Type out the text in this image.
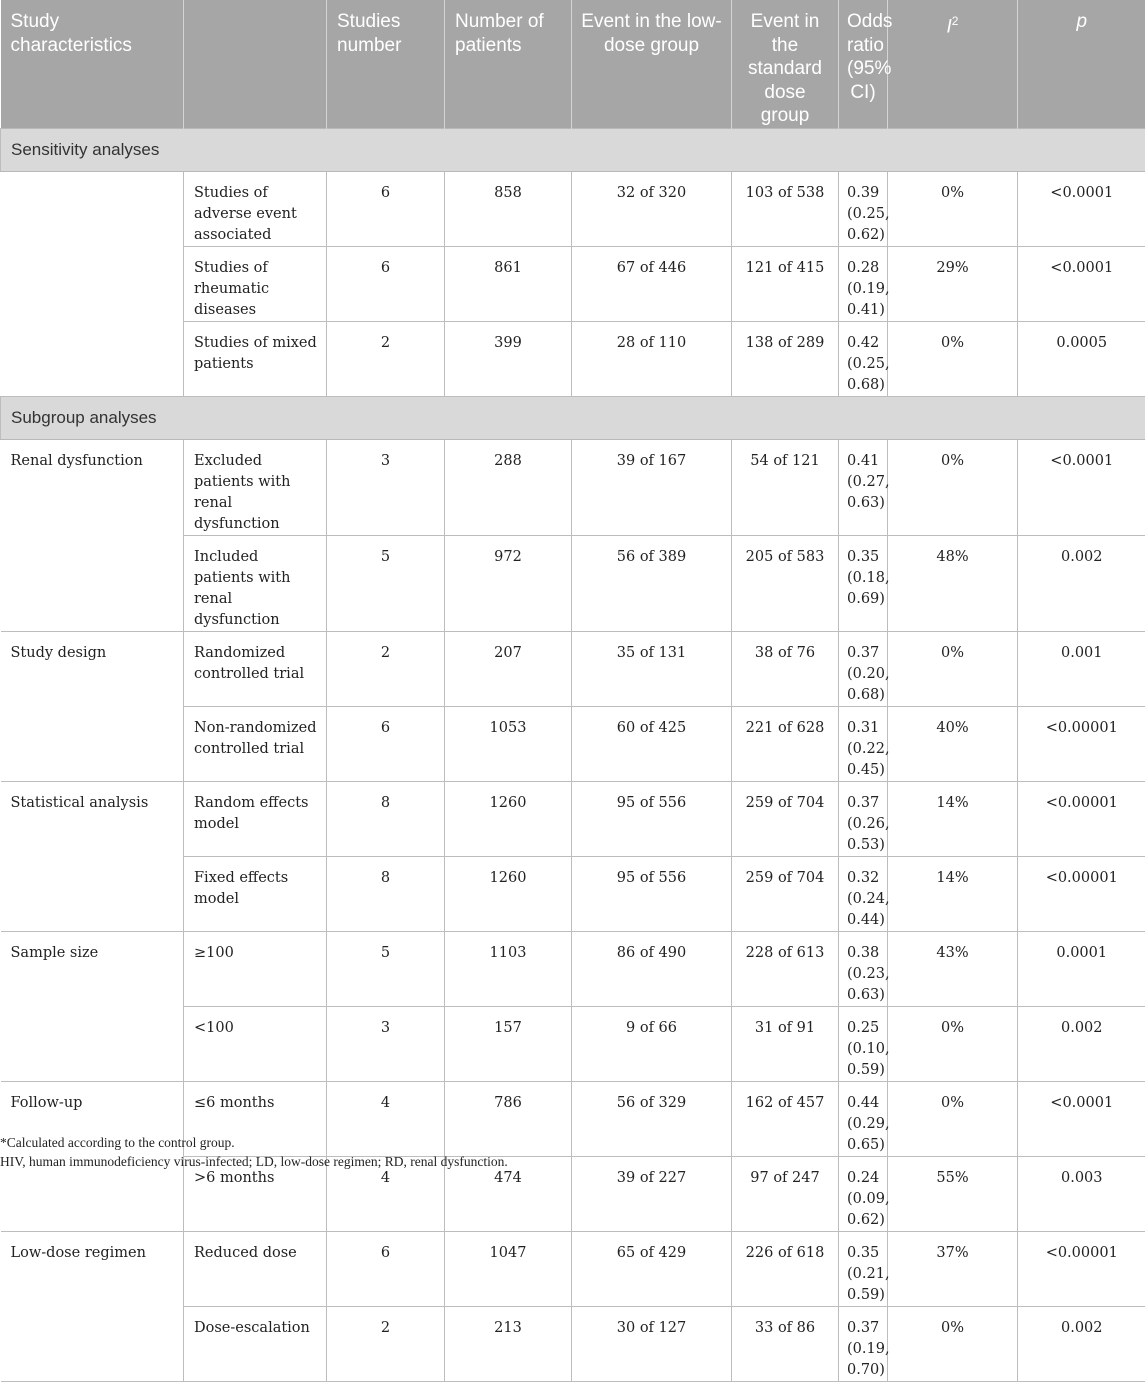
Study characteristics		Studies number	Number of patients	Event in the low-dose group	Event in the standard dose group	Odds ratio (95% CI)	$I^2$	p
Sensitivity analyses								
	Studies of adverse event associated	6	858	32 of 320	103 of 538	0.39 (0.25, 0.62)	0%	<0.0001
	Studies of rheumatic diseases	6	861	67 of 446	121 of 415	0.28 (0.19, 0.41)	29%	<0.0001
	Studies of mixed patients	2	399	28 of 110	138 of 289	0.42 (0.25, 0.68)	0%	0.0005
Subgroup analyses								
Renal dysfunction	Excluded patients with renal dysfunction	3	288	39 of 167	54 of 121	0.41 (0.27, 0.63)	0%	<0.0001
	Included patients with renal dysfunction	5	972	56 of 389	205 of 583	0.35 (0.18, 0.69)	48%	0.002
Study design	Randomized controlled trial	2	207	35 of 131	38 of 76	0.37 (0.20, 0.68)	0%	0.001
	Non-randomized controlled trial	6	1053	60 of 425	221 of 628	0.31 (0.22, 0.45)	40%	<0.00001
Statistical analysis	Random effects model	8	1260	95 of 556	259 of 704	0.37 (0.26, 0.53)	14%	<0.00001
	Fixed effects model	8	1260	95 of 556	259 of 704	0.32 (0.24, 0.44)	14%	<0.00001
Sample size	≥100	5	1103	86 of 490	228 of 613	0.38 (0.23, 0.63)	43%	0.0001
	<100	3	157	9 of 66	31 of 91	0.25 (0.10, 0.59)	0%	0.002
Follow-up	≤6 months	4	786	56 of 329	162 of 457	0.44 (0.29, 0.65)	0%	<0.0001
	>6 months	4	474	39 of 227	97 of 247	0.24 (0.09, 0.62)	55%	0.003
Low-dose regimen	Reduced dose	6	1047	65 of 429	226 of 618	0.35 (0.21, 0.59)	37%	<0.00001
	Dose-escalation	2	213	30 of 127	33 of 86	0.37 (0.19, 0.70)	0%	0.002
*Calculated according to the control group.
HIV, human immunodeficiency virus-infected; LD, low-dose regimen; RD, renal dysfunction.
